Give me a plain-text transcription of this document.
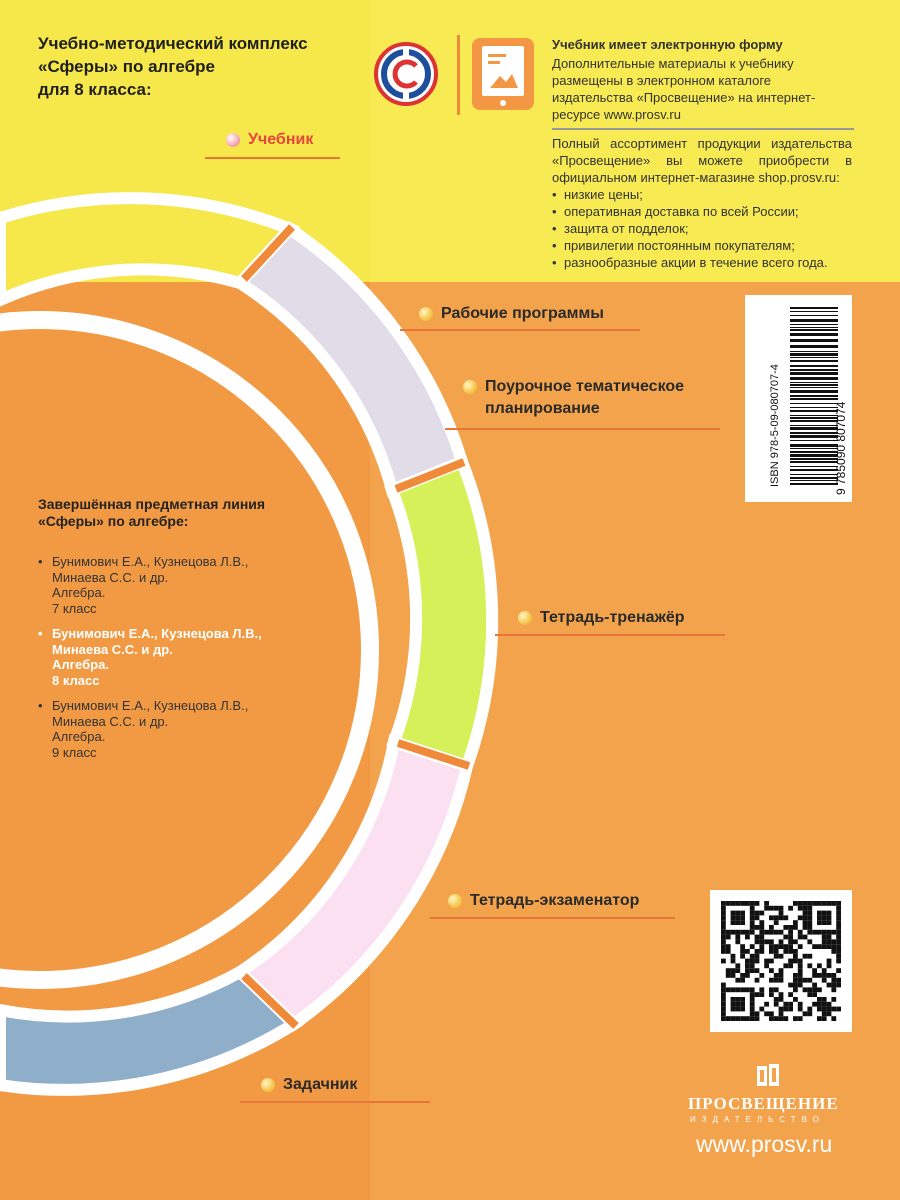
Учебно-методический комплекс
«Сферы» по алгебре
для 8 класса:
Учебник имеет электронную форму
Дополнительные материалы к учебнику размещены в электронном каталоге издательства «Просвещение» на интернет-ресурсе www.prosv.ru
Полный ассортимент продукции издательства «Просвещение» вы можете приобрести в официальном интернет-магазине shop.prosv.ru:
• низкие цены;
• оперативная доставка по всей России;
• защита от подделок;
• привилегии постоянным покупателям;
• разнообразные акции в течение всего года.
Учебник
Рабочие программы
Поурочное тематическое
планирование
Тетрадь-тренажёр
Тетрадь-экзаменатор
Задачник
Завершённая предметная линия «Сферы» по алгебре:
• Бунимович Е.А., Кузнецова Л.В.,
Минаева С.С. и др.
Алгебра.
7 класс
• Бунимович Е.А., Кузнецова Л.В.,
Минаева С.С. и др.
Алгебра.
8 класс
• Бунимович Е.А., Кузнецова Л.В.,
Минаева С.С. и др.
Алгебра.
9 класс
ISBN 978-5-09-080707-4	9 785090 807074
ПРОСВЕЩЕНИЕ
ИЗДАТЕЛЬСТВО
www.prosv.ru
